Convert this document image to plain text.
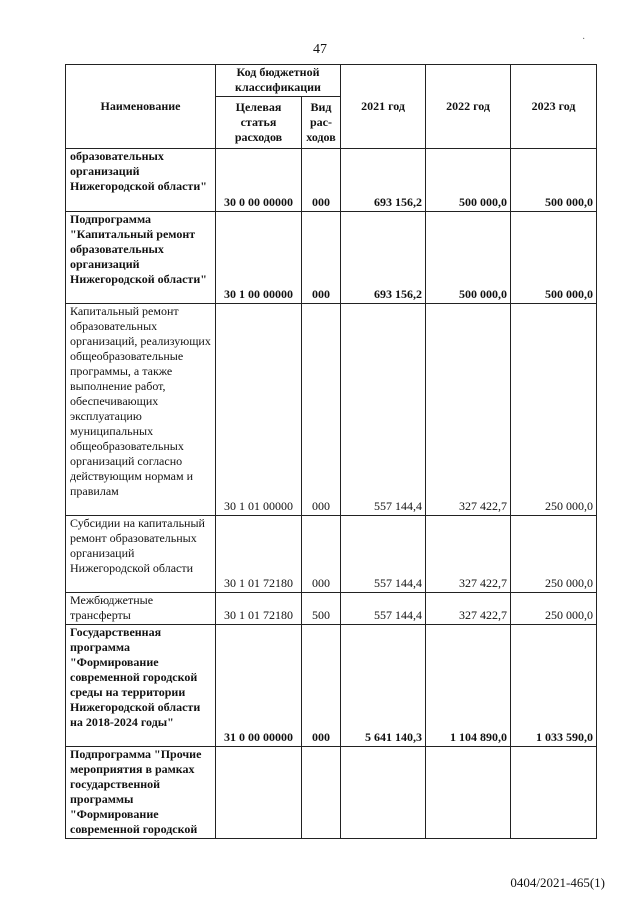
47
·
Наименование	Код бюджетной классификации		2021 год	2022 год	2023 год
	Целевая статья расходов	Вид рас-ходов			
образовательных организаций Нижегородской области"	30 0 00 00000	000	693 156,2	500 000,0	500 000,0
Подпрограмма "Капитальный ремонт образовательных организаций Нижегородской области"	30 1 00 00000	000	693 156,2	500 000,0	500 000,0
Капитальный ремонт образовательных организаций, реализующих общеобразовательные программы, а также выполнение работ, обеспечивающих эксплуатацию муниципальных общеобразовательных организаций согласно действующим нормам и правилам	30 1 01 00000	000	557 144,4	327 422,7	250 000,0
Субсидии на капитальный ремонт образовательных организаций Нижегородской области	30 1 01 72180	000	557 144,4	327 422,7	250 000,0
Межбюджетные трансферты	30 1 01 72180	500	557 144,4	327 422,7	250 000,0
Государственная программа "Формирование современной городской среды на территории Нижегородской области на 2018-2024 годы"	31 0 00 00000	000	5 641 140,3	1 104 890,0	1 033 590,0
Подпрограмма "Прочие мероприятия в рамках государственной программы "Формирование современной городской					
0404/2021-465(1)
